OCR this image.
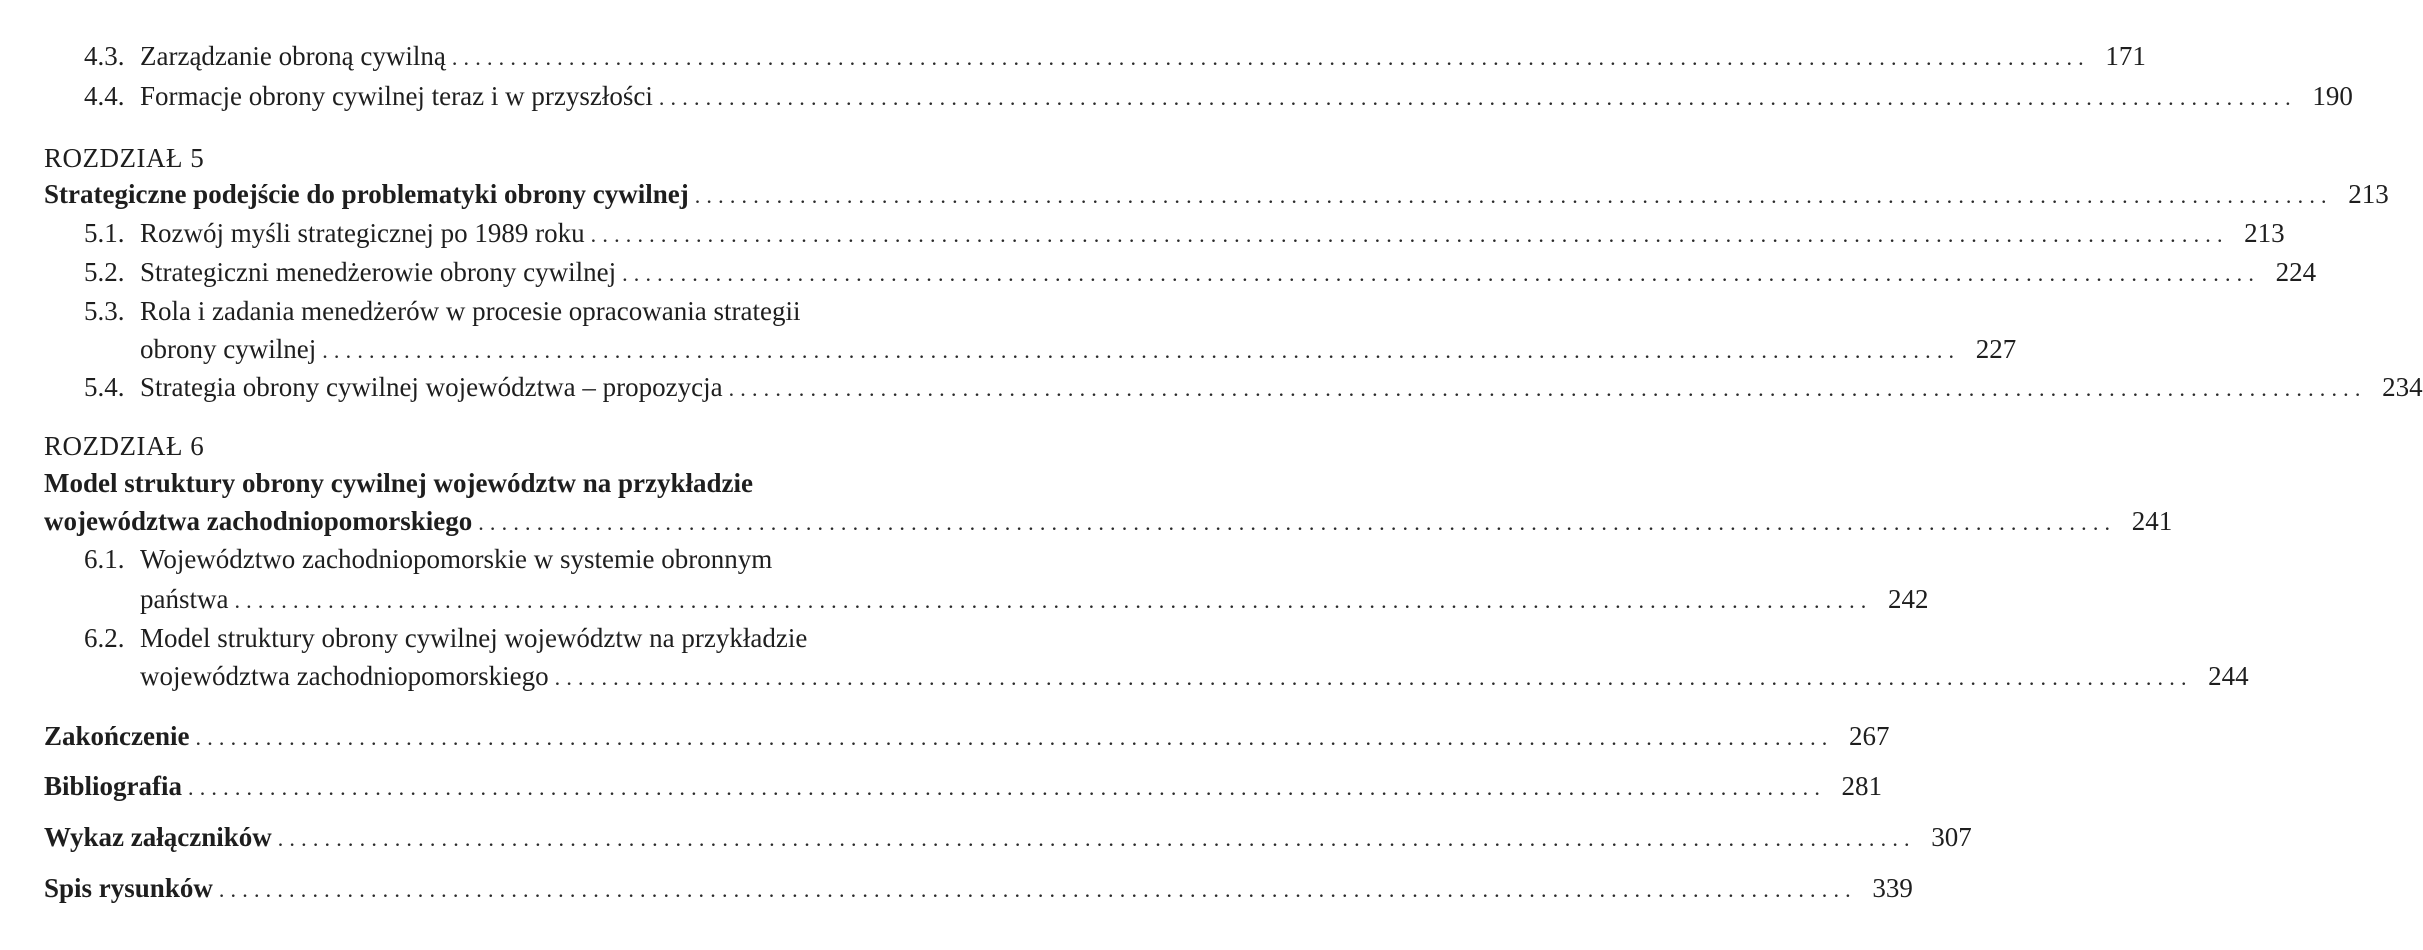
4.3. Zarządzanie obroną cywilną ............................................................................................................................................ 171
4.4. Formacje obrony cywilnej teraz i w przyszłości ............................................................................................................................................ 190
ROZDZIAŁ 5
Strategiczne podejście do problematyki obrony cywilnej ............................................................................................................................................ 213
5.1. Rozwój myśli strategicznej po 1989 roku ............................................................................................................................................ 213
5.2. Strategiczni menedżerowie obrony cywilnej ............................................................................................................................................ 224
5.3. Rola i zadania menedżerów w procesie opracowania strategii
obrony cywilnej ............................................................................................................................................ 227
5.4. Strategia obrony cywilnej województwa – propozycja ............................................................................................................................................ 234
ROZDZIAŁ 6
Model struktury obrony cywilnej województw na przykładzie
województwa zachodniopomorskiego ............................................................................................................................................ 241
6.1. Województwo zachodniopomorskie w systemie obronnym
państwa ............................................................................................................................................ 242
6.2. Model struktury obrony cywilnej województw na przykładzie
województwa zachodniopomorskiego ............................................................................................................................................ 244
Zakończenie ............................................................................................................................................ 267
Bibliografia ............................................................................................................................................ 281
Wykaz załączników ............................................................................................................................................ 307
Spis rysunków ............................................................................................................................................ 339
